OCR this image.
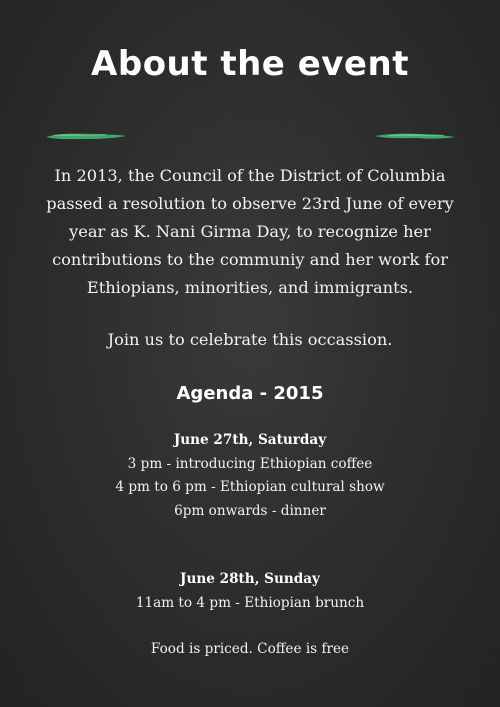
About the event
In 2013, the Council of the District of Columbia passed a resolution to observe 23rd June of every year as K. Nani Girma Day, to recognize her contributions to the communiy and her work for Ethiopians, minorities, and immigrants.
Join us to celebrate this occassion.
Agenda - 2015
June 27th, Saturday
3 pm - introducing Ethiopian coffee
4 pm to 6 pm - Ethiopian cultural show
6pm onwards - dinner
June 28th, Sunday
11am to 4 pm - Ethiopian brunch
Food is priced. Coffee is free
